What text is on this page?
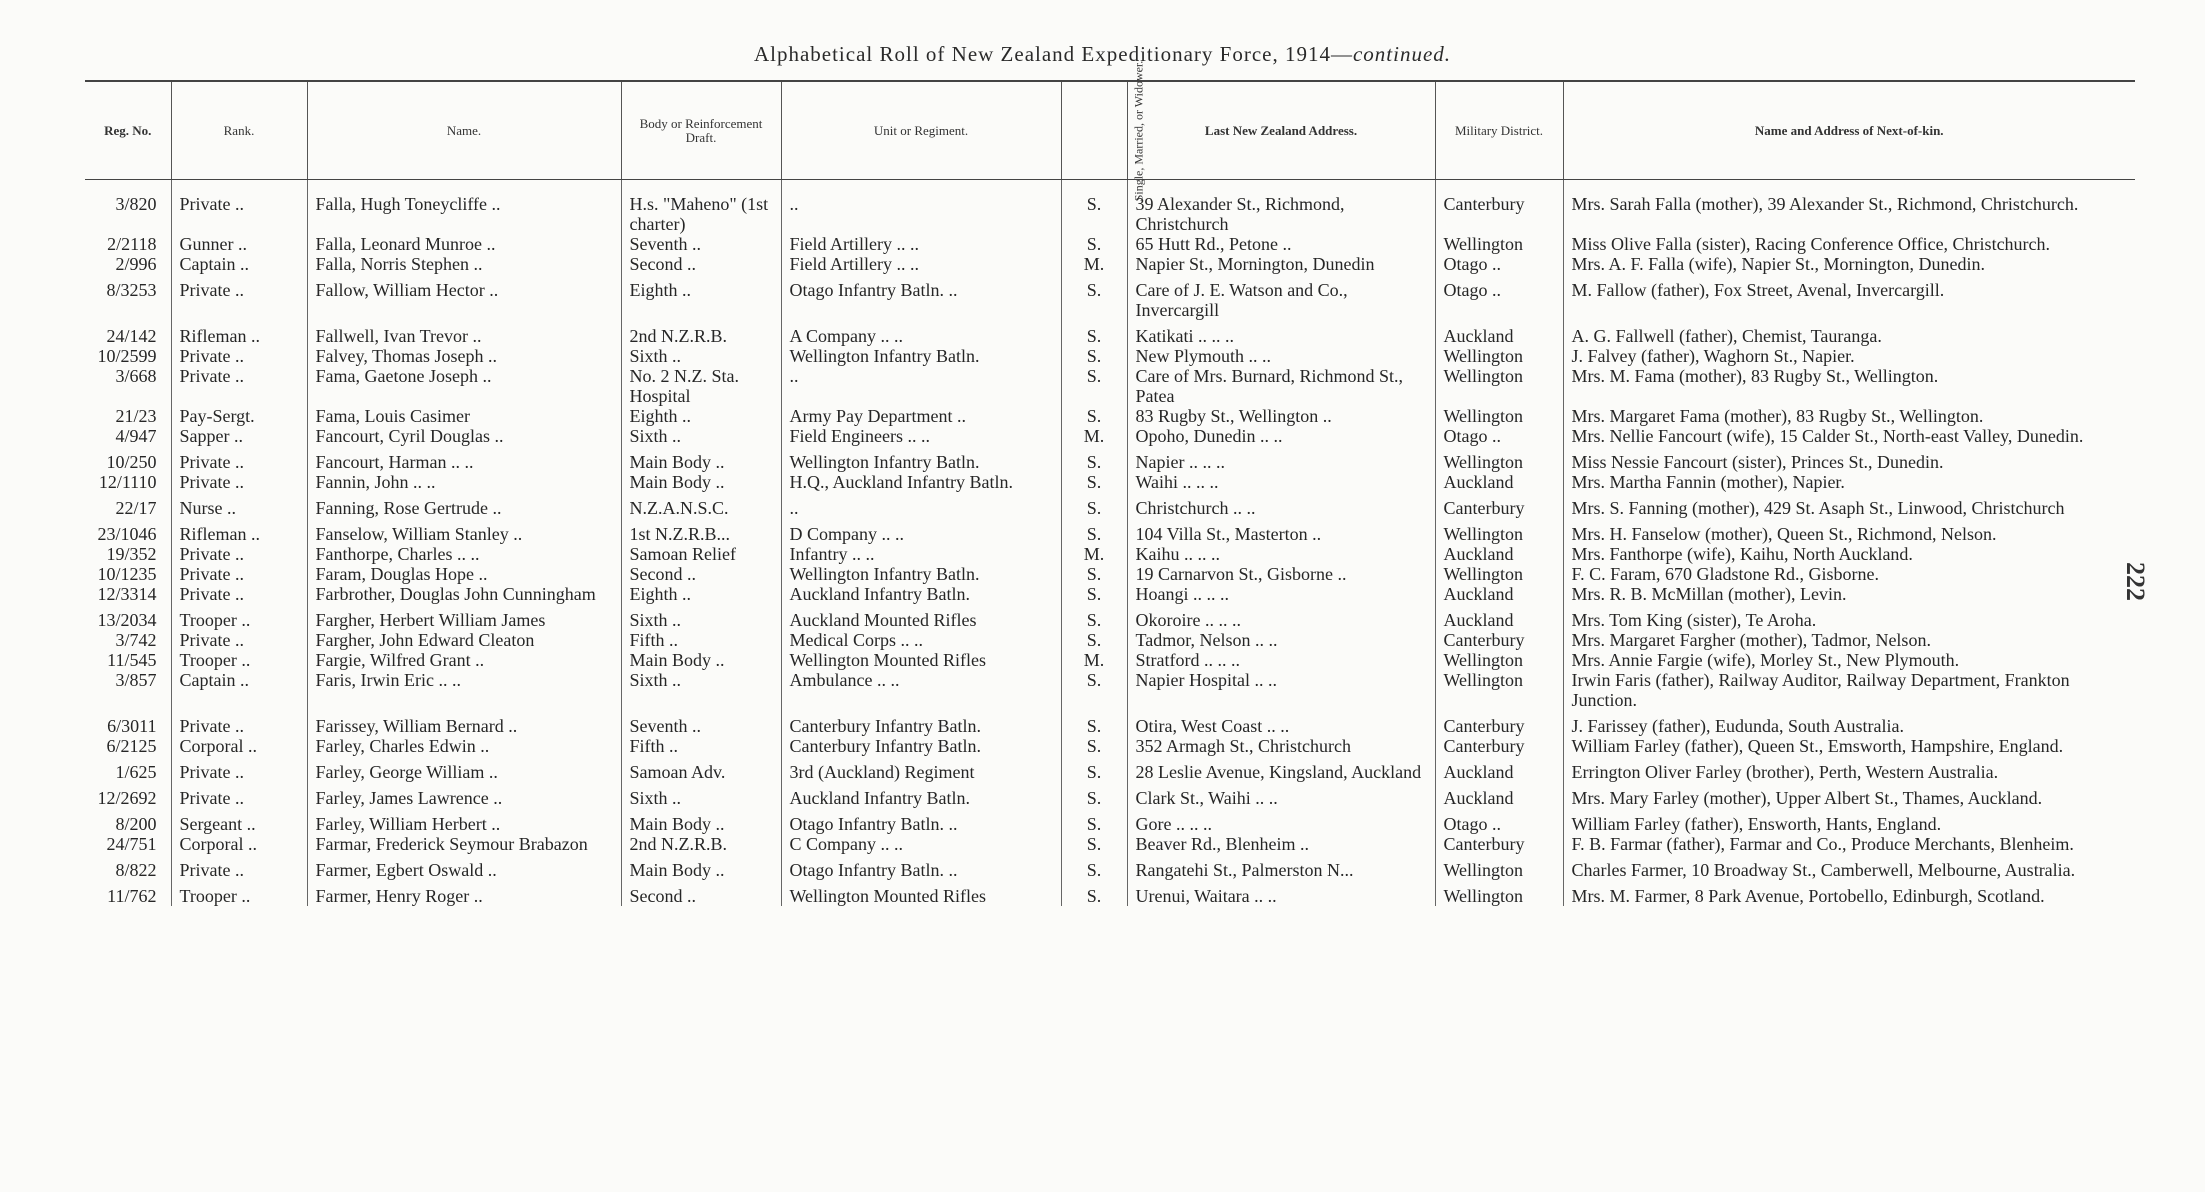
Alphabetical Roll of New Zealand Expeditionary Force, 1914—continued.
222
Reg. No.	Rank.	Name.	Body or Reinforcement Draft.	Unit or Regiment.	Single, Married, or Widower.	Last New Zealand Address.	Military District.	Name and Address of Next-of-kin.
3/820	Private ..	Falla, Hugh Toneycliffe ..	H.s. "Maheno" (1st charter)	..	S.	39 Alexander St., Richmond, Christchurch	Canterbury	Mrs. Sarah Falla (mother), 39 Alexander St., Richmond, Christchurch.
2/2118	Gunner ..	Falla, Leonard Munroe ..	Seventh ..	Field Artillery .. ..	S.	65 Hutt Rd., Petone ..	Wellington	Miss Olive Falla (sister), Racing Conference Office, Christchurch.
2/996	Captain ..	Falla, Norris Stephen ..	Second ..	Field Artillery .. ..	M.	Napier St., Mornington, Dunedin	Otago ..	Mrs. A. F. Falla (wife), Napier St., Mornington, Dunedin.
8/3253	Private ..	Fallow, William Hector ..	Eighth ..	Otago Infantry Batln. ..	S.	Care of J. E. Watson and Co., Invercargill	Otago ..	M. Fallow (father), Fox Street, Avenal, Invercargill.
24/142	Rifleman ..	Fallwell, Ivan Trevor ..	2nd N.Z.R.B.	A Company .. ..	S.	Katikati .. .. ..	Auckland	A. G. Fallwell (father), Chemist, Tauranga.
10/2599	Private ..	Falvey, Thomas Joseph ..	Sixth ..	Wellington Infantry Batln.	S.	New Plymouth .. ..	Wellington	J. Falvey (father), Waghorn St., Napier.
3/668	Private ..	Fama, Gaetone Joseph ..	No. 2 N.Z. Sta. Hospital	..	S.	Care of Mrs. Burnard, Richmond St., Patea	Wellington	Mrs. M. Fama (mother), 83 Rugby St., Wellington.
21/23	Pay-Sergt.	Fama, Louis Casimer	Eighth ..	Army Pay Department ..	S.	83 Rugby St., Wellington ..	Wellington	Mrs. Margaret Fama (mother), 83 Rugby St., Wellington.
4/947	Sapper ..	Fancourt, Cyril Douglas ..	Sixth ..	Field Engineers .. ..	M.	Opoho, Dunedin .. ..	Otago ..	Mrs. Nellie Fancourt (wife), 15 Calder St., North-east Valley, Dunedin.
10/250	Private ..	Fancourt, Harman .. ..	Main Body ..	Wellington Infantry Batln.	S.	Napier .. .. ..	Wellington	Miss Nessie Fancourt (sister), Princes St., Dunedin.
12/1110	Private ..	Fannin, John .. ..	Main Body ..	H.Q., Auckland Infantry Batln.	S.	Waihi .. .. ..	Auckland	Mrs. Martha Fannin (mother), Napier.
22/17	Nurse ..	Fanning, Rose Gertrude ..	N.Z.A.N.S.C.	..	S.	Christchurch .. ..	Canterbury	Mrs. S. Fanning (mother), 429 St. Asaph St., Linwood, Christchurch
23/1046	Rifleman ..	Fanselow, William Stanley ..	1st N.Z.R.B...	D Company .. ..	S.	104 Villa St., Masterton ..	Wellington	Mrs. H. Fanselow (mother), Queen St., Richmond, Nelson.
19/352	Private ..	Fanthorpe, Charles .. ..	Samoan Relief	Infantry .. ..	M.	Kaihu .. .. ..	Auckland	Mrs. Fanthorpe (wife), Kaihu, North Auckland.
10/1235	Private ..	Faram, Douglas Hope ..	Second ..	Wellington Infantry Batln.	S.	19 Carnarvon St., Gisborne ..	Wellington	F. C. Faram, 670 Gladstone Rd., Gisborne.
12/3314	Private ..	Farbrother, Douglas John Cunningham	Eighth ..	Auckland Infantry Batln.	S.	Hoangi .. .. ..	Auckland	Mrs. R. B. McMillan (mother), Levin.
13/2034	Trooper ..	Fargher, Herbert William James	Sixth ..	Auckland Mounted Rifles	S.	Okoroire .. .. ..	Auckland	Mrs. Tom King (sister), Te Aroha.
3/742	Private ..	Fargher, John Edward Cleaton	Fifth ..	Medical Corps .. ..	S.	Tadmor, Nelson .. ..	Canterbury	Mrs. Margaret Fargher (mother), Tadmor, Nelson.
11/545	Trooper ..	Fargie, Wilfred Grant ..	Main Body ..	Wellington Mounted Rifles	M.	Stratford .. .. ..	Wellington	Mrs. Annie Fargie (wife), Morley St., New Plymouth.
3/857	Captain ..	Faris, Irwin Eric .. ..	Sixth ..	Ambulance .. ..	S.	Napier Hospital .. ..	Wellington	Irwin Faris (father), Railway Auditor, Railway Department, Frankton Junction.
6/3011	Private ..	Farissey, William Bernard ..	Seventh ..	Canterbury Infantry Batln.	S.	Otira, West Coast .. ..	Canterbury	J. Farissey (father), Eudunda, South Australia.
6/2125	Corporal ..	Farley, Charles Edwin ..	Fifth ..	Canterbury Infantry Batln.	S.	352 Armagh St., Christchurch	Canterbury	William Farley (father), Queen St., Emsworth, Hampshire, England.
1/625	Private ..	Farley, George William ..	Samoan Adv.	3rd (Auckland) Regiment	S.	28 Leslie Avenue, Kingsland, Auckland	Auckland	Errington Oliver Farley (brother), Perth, Western Australia.
12/2692	Private ..	Farley, James Lawrence ..	Sixth ..	Auckland Infantry Batln.	S.	Clark St., Waihi .. ..	Auckland	Mrs. Mary Farley (mother), Upper Albert St., Thames, Auckland.
8/200	Sergeant ..	Farley, William Herbert ..	Main Body ..	Otago Infantry Batln. ..	S.	Gore .. .. ..	Otago ..	William Farley (father), Ensworth, Hants, England.
24/751	Corporal ..	Farmar, Frederick Seymour Brabazon	2nd N.Z.R.B.	C Company .. ..	S.	Beaver Rd., Blenheim ..	Canterbury	F. B. Farmar (father), Farmar and Co., Produce Merchants, Blenheim.
8/822	Private ..	Farmer, Egbert Oswald ..	Main Body ..	Otago Infantry Batln. ..	S.	Rangatehi St., Palmerston N...	Wellington	Charles Farmer, 10 Broadway St., Camberwell, Melbourne, Australia.
11/762	Trooper ..	Farmer, Henry Roger ..	Second ..	Wellington Mounted Rifles	S.	Urenui, Waitara .. ..	Wellington	Mrs. M. Farmer, 8 Park Avenue, Portobello, Edinburgh, Scotland.
